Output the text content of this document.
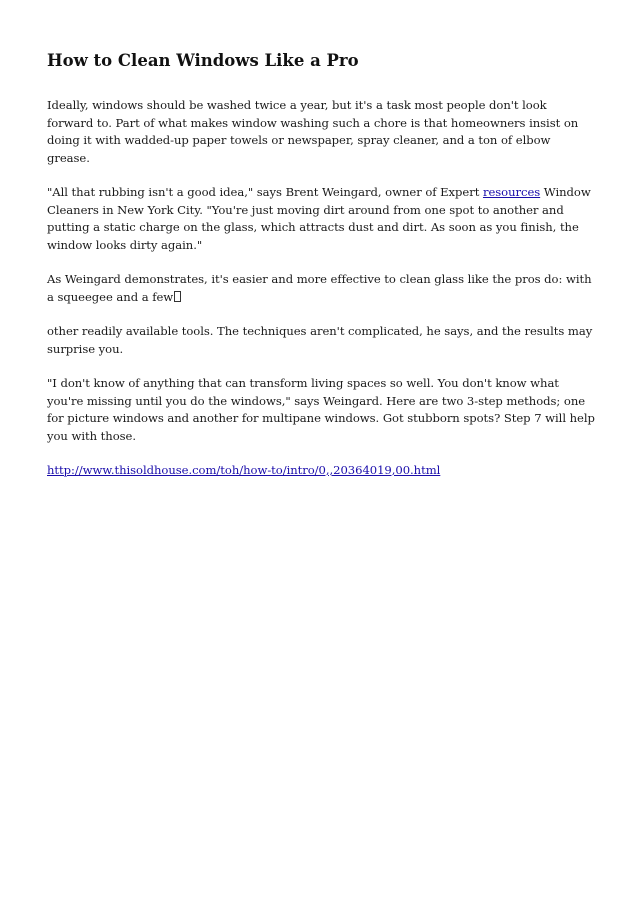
How to Clean Windows Like a Pro

Ideally, windows should be washed twice a year, but it's a task most people don't look forward to. Part of what makes window washing such a chore is that homeowners insist on doing it with wadded-up paper towels or newspaper, spray cleaner, and a ton of elbow grease.

"All that rubbing isn't a good idea," says Brent Weingard, owner of Expert resources Window Cleaners in New York City. "You're just moving dirt around from one spot to another and putting a static charge on the glass, which attracts dust and dirt. As soon as you finish, the window looks dirty again."

As Weingard demonstrates, it's easier and more effective to clean glass like the pros do: with a squeegee and a few

other readily available tools. The techniques aren't complicated, he says, and the results may surprise you.

"I don't know of anything that can transform living spaces so well. You don't know what you're missing until you do the windows," says Weingard. Here are two 3-step methods; one for picture windows and another for multipane windows. Got stubborn spots? Step 7 will help you with those.

http://www.thisoldhouse.com/toh/how-to/intro/0,,20364019,00.html
